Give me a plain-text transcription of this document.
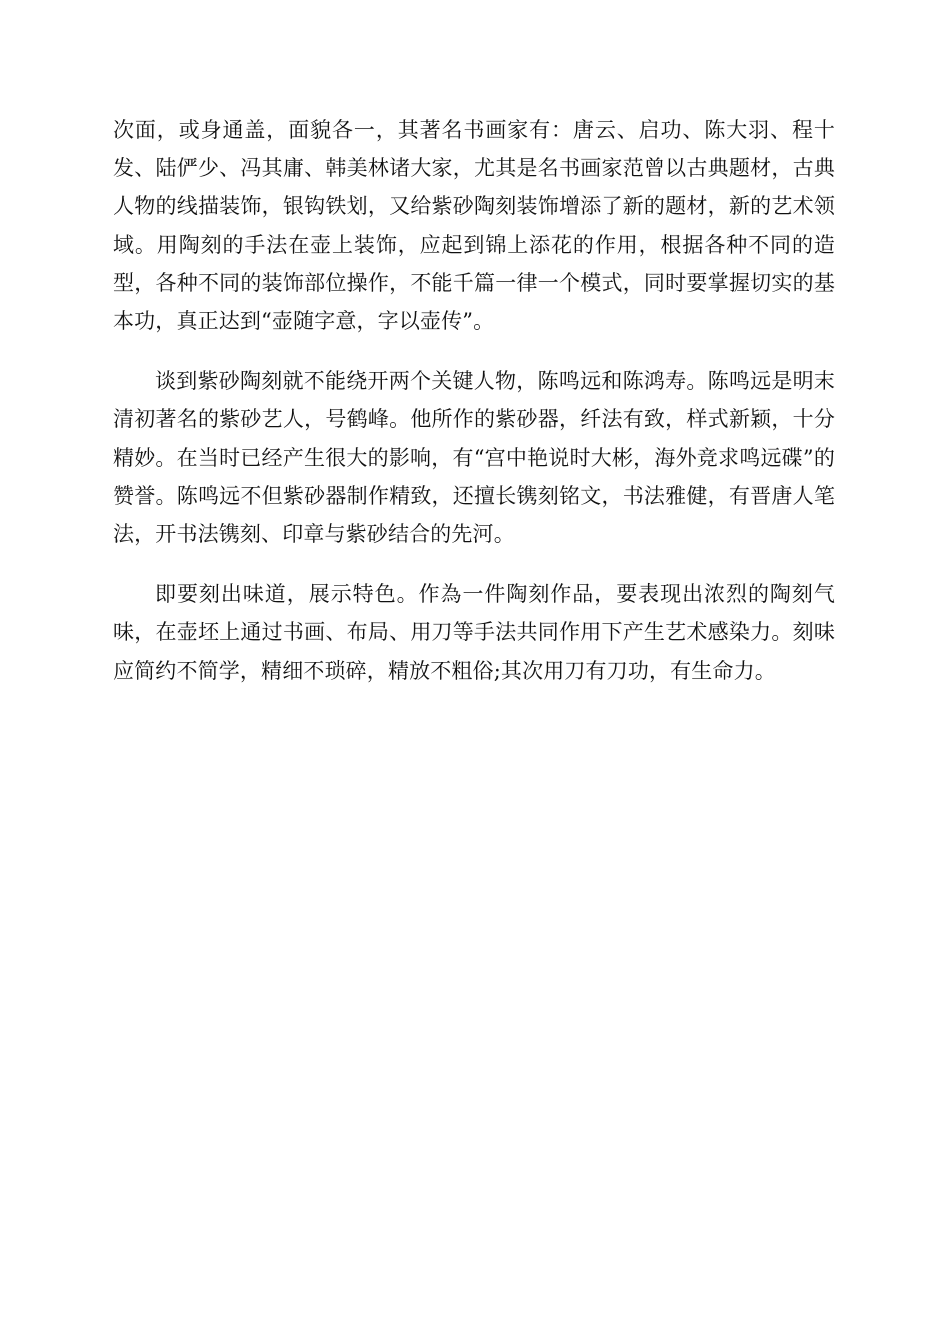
次面，或身通盖，面貌各一，其著名书画家有：唐云、启功、陈大羽、程十发、陆俨少、冯其庸、韩美林诸大家，尤其是名书画家范曾以古典题材，古典人物的线描装饰，银钩铁划，又给紫砂陶刻装饰增添了新的题材，新的艺术领域。用陶刻的手法在壶上装饰，应起到锦上添花的作用，根据各种不同的造型，各种不同的装饰部位操作，不能千篇一律一个模式，同时要掌握切实的基本功，真正达到“壶随字意，字以壶传”。

谈到紫砂陶刻就不能绕开两个关键人物，陈鸣远和陈鸿寿。陈鸣远是明末清初著名的紫砂艺人，号鹤峰。他所作的紫砂器，纤法有致，样式新颖，十分精妙。在当时已经产生很大的影响，有“宫中艳说时大彬，海外竞求鸣远碟”的赞誉。陈鸣远不但紫砂器制作精致，还擅长镌刻铭文，书法雅健，有晋唐人笔法，开书法镌刻、印章与紫砂结合的先河。

即要刻出味道，展示特色。作為一件陶刻作品，要表现出浓烈的陶刻气味，在壶坯上通过书画、布局、用刀等手法共同作用下产生艺术感染力。刻味应简约不简学，精细不琐碎，精放不粗俗;其次用刀有刀功，有生命力。
